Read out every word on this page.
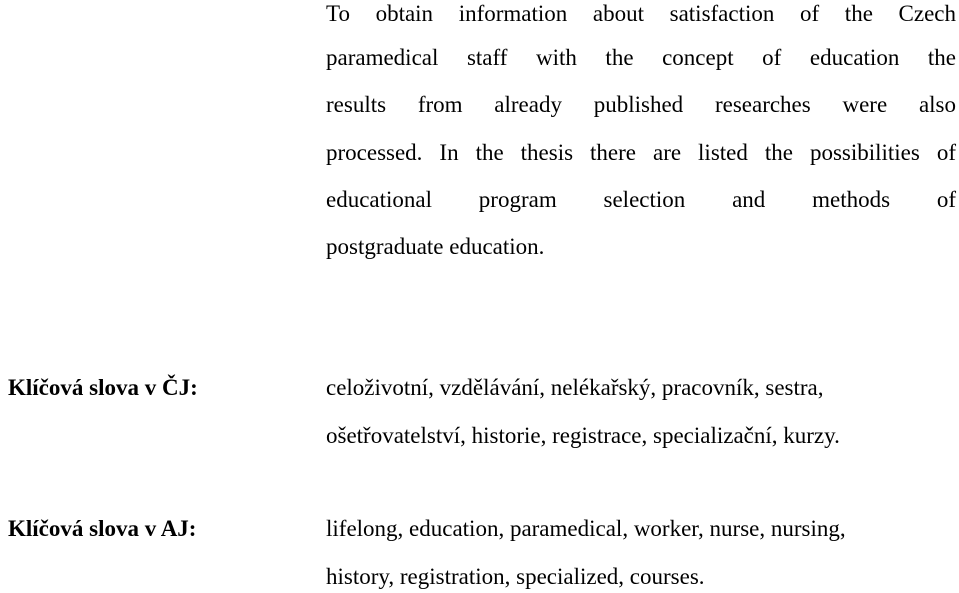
To obtain information about satisfaction of the Czech
paramedical staff with the concept of education the
results from already published researches were also
processed. In the thesis there are listed the possibilities of
educational program selection and methods of
postgraduate education.
Klíčová slova v ČJ:	celoživotní, vzdělávání, nelékařský, pracovník, sestra,
ošetřovatelství, historie, registrace, specializační, kurzy.
Klíčová slova v AJ:	lifelong, education, paramedical, worker, nurse, nursing,
history, registration, specialized, courses.
